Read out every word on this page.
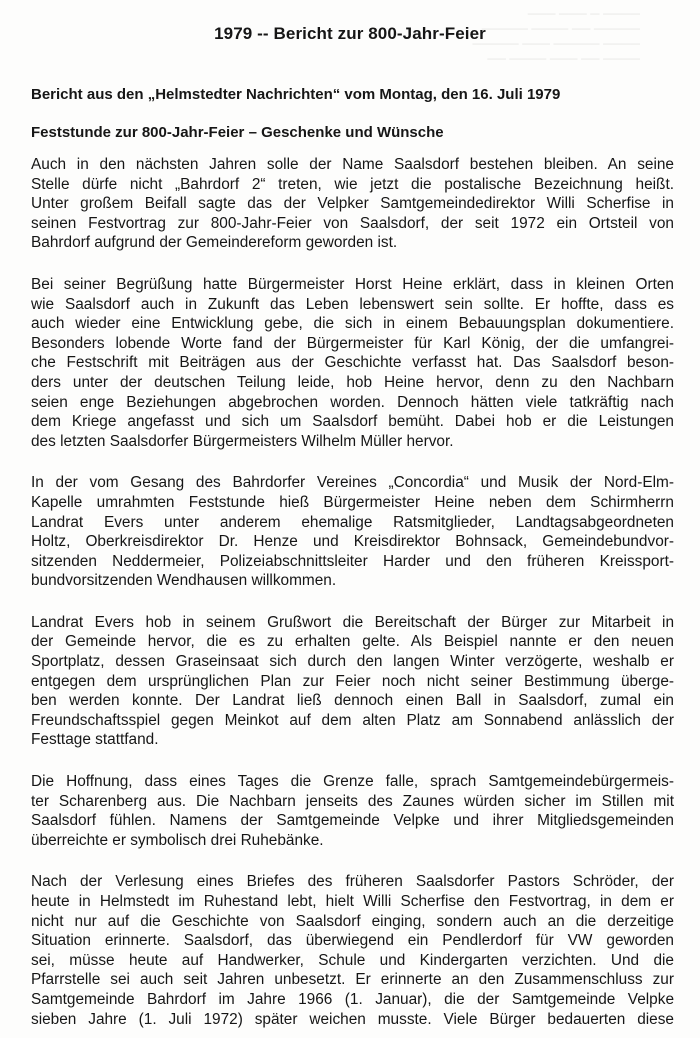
──── ─ ─── ───
───── ── ──── ─────
──── ───── ─── ─────
──── ── ─── ──── ──
1979 -- Bericht zur 800-Jahr-Feier
Bericht aus den „Helmstedter Nachrichten“ vom Montag, den 16. Juli 1979
Feststunde zur 800-Jahr-Feier – Geschenke und Wünsche
Auch in den nächsten Jahren solle der Name Saalsdorf bestehen bleiben. An seine
Stelle dürfe nicht „Bahrdorf 2“ treten, wie jetzt die postalische Bezeichnung heißt.
Unter großem Beifall sagte das der Velpker Samtgemeindedirektor Willi Scherfise in
seinen Festvortrag zur 800-Jahr-Feier von Saalsdorf, der seit 1972 ein Ortsteil von
Bahrdorf aufgrund der Gemeindereform geworden ist.
Bei seiner Begrüßung hatte Bürgermeister Horst Heine erklärt, dass in kleinen Orten
wie Saalsdorf auch in Zukunft das Leben lebenswert sein sollte. Er hoffte, dass es
auch wieder eine Entwicklung gebe, die sich in einem Bebauungsplan dokumentiere.
Besonders lobende Worte fand der Bürgermeister für Karl König, der die umfangrei-
che Festschrift mit Beiträgen aus der Geschichte verfasst hat. Das Saalsdorf beson-
ders unter der deutschen Teilung leide, hob Heine hervor, denn zu den Nachbarn
seien enge Beziehungen abgebrochen worden. Dennoch hätten viele tatkräftig nach
dem Kriege angefasst und sich um Saalsdorf bemüht. Dabei hob er die Leistungen
des letzten Saalsdorfer Bürgermeisters Wilhelm Müller hervor.
In der vom Gesang des Bahrdorfer Vereines „Concordia“ und Musik der Nord-Elm-
Kapelle umrahmten Feststunde hieß Bürgermeister Heine neben dem Schirmherrn
Landrat Evers unter anderem ehemalige Ratsmitglieder, Landtagsabgeordneten
Holtz, Oberkreisdirektor Dr. Henze und Kreisdirektor Bohnsack, Gemeindebundvor-
sitzenden Neddermeier, Polizeiabschnittsleiter Harder und den früheren Kreissport-
bundvorsitzenden Wendhausen willkommen.
Landrat Evers hob in seinem Grußwort die Bereitschaft der Bürger zur Mitarbeit in
der Gemeinde hervor, die es zu erhalten gelte. Als Beispiel nannte er den neuen
Sportplatz, dessen Graseinsaat sich durch den langen Winter verzögerte, weshalb er
entgegen dem ursprünglichen Plan zur Feier noch nicht seiner Bestimmung überge-
ben werden konnte. Der Landrat ließ dennoch einen Ball in Saalsdorf, zumal ein
Freundschaftsspiel gegen Meinkot auf dem alten Platz am Sonnabend anlässlich der
Festtage stattfand.
Die Hoffnung, dass eines Tages die Grenze falle, sprach Samtgemeindebürgermeis-
ter Scharenberg aus. Die Nachbarn jenseits des Zaunes würden sicher im Stillen mit
Saalsdorf fühlen. Namens der Samtgemeinde Velpke und ihrer Mitgliedsgemeinden
überreichte er symbolisch drei Ruhebänke.
Nach der Verlesung eines Briefes des früheren Saalsdorfer Pastors Schröder, der
heute in Helmstedt im Ruhestand lebt, hielt Willi Scherfise den Festvortrag, in dem er
nicht nur auf die Geschichte von Saalsdorf einging, sondern auch an die derzeitige
Situation erinnerte. Saalsdorf, das überwiegend ein Pendlerdorf für VW geworden
sei, müsse heute auf Handwerker, Schule und Kindergarten verzichten. Und die
Pfarrstelle sei auch seit Jahren unbesetzt. Er erinnerte an den Zusammenschluss zur
Samtgemeinde Bahrdorf im Jahre 1966 (1. Januar), die der Samtgemeinde Velpke
sieben Jahre (1. Juli 1972) später weichen musste. Viele Bürger bedauerten diese
